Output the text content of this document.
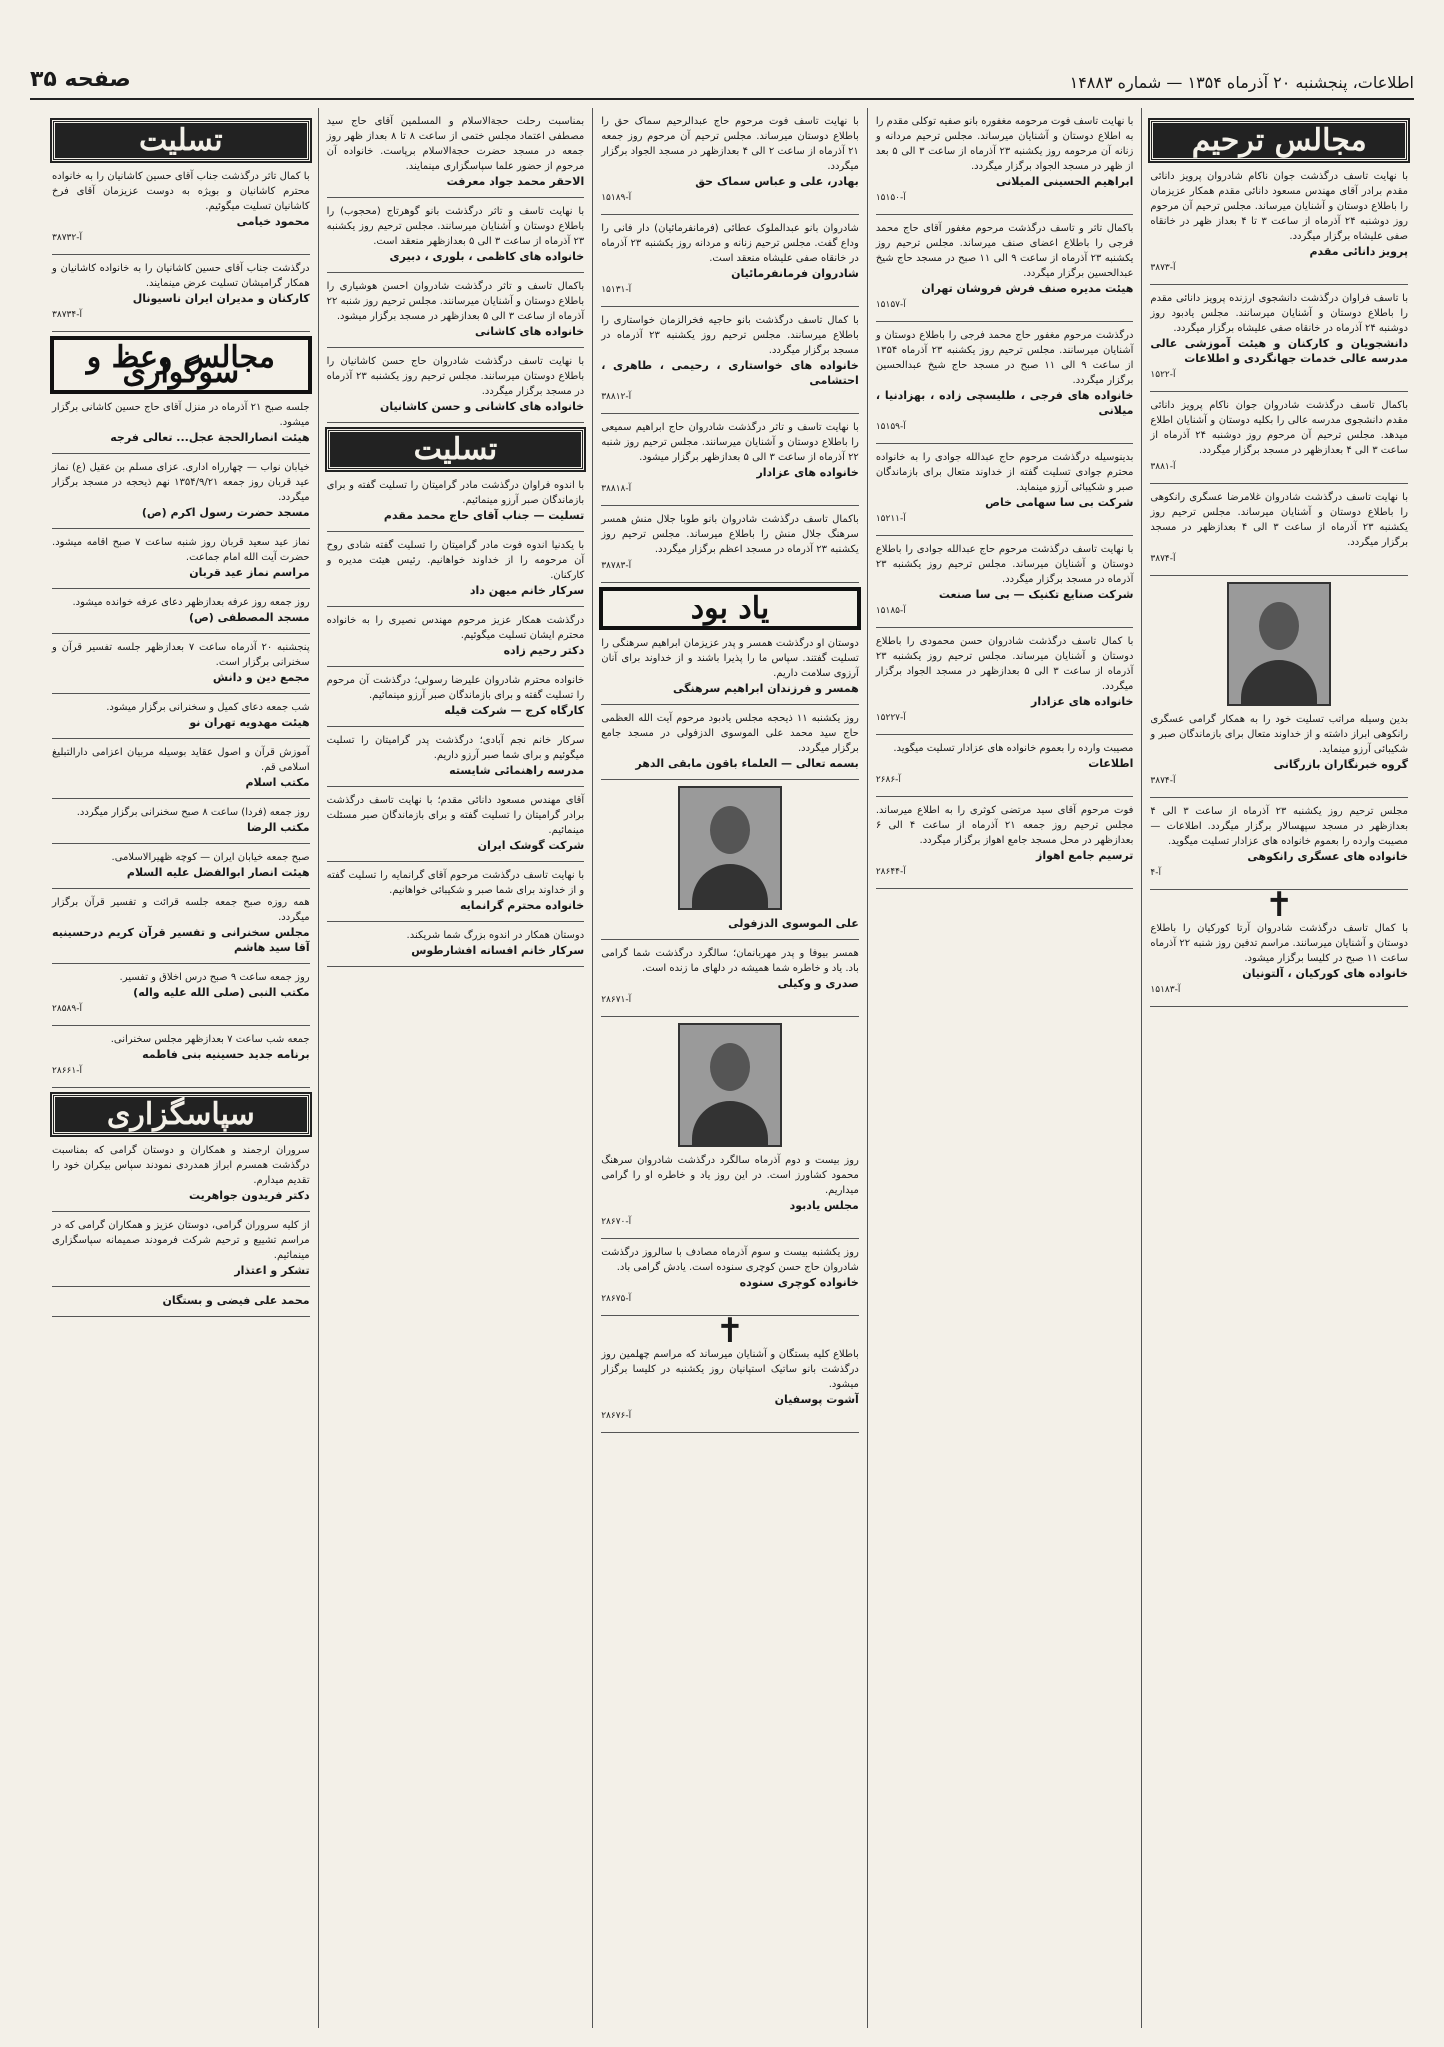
صفحه ۳۵	اطلاعات، پنجشنبه ۲۰ آذرماه ۱۳۵۴ — شماره ۱۴۸۸۳
مجالس ترحیم
با نهایت تاسف درگذشت جوان ناکام شادروان پرویز دانائی مقدم برادر آقای مهندس مسعود دانائی مقدم همکار عزیزمان را باطلاع دوستان و آشنایان میرساند. مجلس ترحیم آن مرحوم روز دوشنبه ۲۴ آذرماه از ساعت ۳ تا ۴ بعداز ظهر در خانقاه صفی علیشاه برگزار میگردد.
پرویز دانائی مقدم
آ-۳۸۷۳
با تاسف فراوان درگذشت دانشجوی ارزنده پرویز دانائی مقدم را باطلاع دوستان و آشنایان میرسانند. مجلس یادبود روز دوشنبه ۲۴ آذرماه در خانقاه صفی علیشاه برگزار میگردد.
دانشجویان و کارکنان و هیئت آموزشی عالی مدرسه عالی خدمات جهانگردی و اطلاعات
آ-۱۵۲۲
باکمال تاسف درگذشت شادروان جوان ناکام پرویز دانائی مقدم دانشجوی مدرسه عالی را بکلیه دوستان و آشنایان اطلاع میدهد. مجلس ترحیم آن مرحوم روز دوشنبه ۲۴ آذرماه از ساعت ۳ الی ۴ بعدازظهر در مسجد برگزار میگردد.
آ-۳۸۸۱
با نهایت تاسف درگذشت شادروان غلامرضا عسگری رانکوهی را باطلاع دوستان و آشنایان میرساند. مجلس ترحیم روز یکشنبه ۲۳ آذرماه از ساعت ۳ الی ۴ بعدازظهر در مسجد برگزار میگردد.
آ-۳۸۷۴
بدین وسیله مراتب تسلیت خود را به همکار گرامی عسگری رانکوهی ابراز داشته و از خداوند متعال برای بازماندگان صبر و شکیبائی آرزو مینماید.
گروه خبرنگاران بازرگانی
آ-۳۸۷۴
مجلس ترحیم روز یکشنبه ۲۳ آذرماه از ساعت ۳ الی ۴ بعدازظهر در مسجد سپهسالار برگزار میگردد. اطلاعات — مصیبت وارده را بعموم خانواده های عزادار تسلیت میگوید.
خانواده های عسگری رانکوهی
آ-۴
✝
با کمال تاسف درگذشت شادروان آرتا کورکیان را باطلاع دوستان و آشنایان میرسانند. مراسم تدفین روز شنبه ۲۲ آذرماه ساعت ۱۱ صبح در کلیسا برگزار میشود.
خانواده های کورکیان ، آلتونیان
آ-۱۵۱۸۳
با نهایت تاسف فوت مرحومه مغفوره بانو صفیه توکلی مقدم را به اطلاع دوستان و آشنایان میرساند. مجلس ترحیم مردانه و زنانه آن مرحومه روز یکشنبه ۲۳ آذرماه از ساعت ۳ الی ۵ بعد از ظهر در مسجد الجواد برگزار میگردد.
ابراهیم الحسینی المیلانی
آ-۱۵۱۵۰
باکمال تاثر و تاسف درگذشت مرحوم مغفور آقای حاج محمد فرجی را باطلاع اعضای صنف میرساند. مجلس ترحیم روز یکشنبه ۲۳ آذرماه از ساعت ۹ الی ۱۱ صبح در مسجد حاج شیخ عبدالحسین برگزار میگردد.
هیئت مدیره صنف فرش فروشان تهران
آ-۱۵۱۵۷
درگذشت مرحوم مغفور حاج محمد فرجی را باطلاع دوستان و آشنایان میرسانند. مجلس ترحیم روز یکشنبه ۲۳ آذرماه ۱۳۵۴ از ساعت ۹ الی ۱۱ صبح در مسجد حاج شیخ عبدالحسین برگزار میگردد.
خانواده های فرجی ، طلیسچی زاده ، بهزادنیا ، میلانی
آ-۱۵۱۵۹
بدینوسیله درگذشت مرحوم حاج عبدالله جوادی را به خانواده محترم جوادی تسلیت گفته از خداوند متعال برای بازماندگان صبر و شکیبائی آرزو مینماید.
شرکت بی سا سهامی خاص
آ-۱۵۲۱۱
با نهایت تاسف درگذشت مرحوم حاج عبدالله جوادی را باطلاع دوستان و آشنایان میرساند. مجلس ترحیم روز یکشنبه ۲۳ آذرماه در مسجد برگزار میگردد.
شرکت صنایع تکنیک — بی سا صنعت
آ-۱۵۱۸۵
با کمال تاسف درگذشت شادروان حسن محمودی را باطلاع دوستان و آشنایان میرساند. مجلس ترحیم روز یکشنبه ۲۳ آذرماه از ساعت ۳ الی ۵ بعدازظهر در مسجد الجواد برگزار میگردد.
خانواده های عزادار
آ-۱۵۲۲۷
مصیبت وارده را بعموم خانواده های عزادار تسلیت میگوید.
اطلاعات
آ-۲۶۸۶
فوت مرحوم آقای سید مرتضی کوثری را به اطلاع میرساند. مجلس ترحیم روز جمعه ۲۱ آذرماه از ساعت ۴ الی ۶ بعدازظهر در محل مسجد جامع اهواز برگزار میگردد.
ترسیم جامع اهواز
آ-۲۸۶۴۴
با نهایت تاسف فوت مرحوم حاج عبدالرحیم سماک حق را باطلاع دوستان میرساند. مجلس ترحیم آن مرحوم روز جمعه ۲۱ آذرماه از ساعت ۲ الی ۴ بعدازظهر در مسجد الجواد برگزار میگردد.
بهادر، علی و عباس سماک حق
آ-۱۵۱۸۹
شادروان بانو عبدالملوک عطائی (فرمانفرمائیان) دار فانی را وداع گفت. مجلس ترحیم زنانه و مردانه روز یکشنبه ۲۳ آذرماه در خانقاه صفی علیشاه منعقد است.
شادروان فرمانفرمائیان
آ-۱۵۱۳۱
با کمال تاسف درگذشت بانو حاجیه فخرالزمان خواستاری را باطلاع میرسانند. مجلس ترحیم روز یکشنبه ۲۳ آذرماه در مسجد برگزار میگردد.
خانواده های خواستاری ، رحیمی ، طاهری ، احتشامی
آ-۳۸۸۱۲
با نهایت تاسف و تاثر درگذشت شادروان حاج ابراهیم سمیعی را باطلاع دوستان و آشنایان میرسانند. مجلس ترحیم روز شنبه ۲۲ آذرماه از ساعت ۳ الی ۵ بعدازظهر برگزار میشود.
خانواده های عزادار
آ-۳۸۸۱۸
باکمال تاسف درگذشت شادروان بانو طوبا جلال منش همسر سرهنگ جلال منش را باطلاع میرساند. مجلس ترحیم روز یکشنبه ۲۳ آذرماه در مسجد اعظم برگزار میگردد.
آ-۳۸۷۸۳
یاد بود
دوستان او درگذشت همسر و پدر عزیزمان ابراهیم سرهنگی را تسلیت گفتند. سپاس ما را پذیرا باشند و از خداوند برای آنان آرزوی سلامت داریم.
همسر و فرزندان ابراهیم سرهنگی
روز یکشنبه ۱۱ ذیحجه مجلس یادبود مرحوم آیت الله العظمی حاج سید محمد علی الموسوی الدزفولی در مسجد جامع برگزار میگردد.
بسمه تعالی — العلماء باقون مابقی الدهر
علی الموسوی الدزفولی
همسر بیوفا و پدر مهربانمان؛ سالگرد درگذشت شما گرامی باد. یاد و خاطره شما همیشه در دلهای ما زنده است.
صدری و وکیلی
آ-۲۸۶۷۱
روز بیست و دوم آذرماه سالگرد درگذشت شادروان سرهنگ محمود کشاورز است. در این روز یاد و خاطره او را گرامی میداریم.
مجلس یادبود
آ-۲۸۶۷۰
روز یکشنبه بیست و سوم آذرماه مصادف با سالروز درگذشت شادروان حاج حسن کوچری سنوده است. یادش گرامی باد.
خانواده کوچری سنوده
آ-۲۸۶۷۵
✝
باطلاع کلیه بستگان و آشنایان میرساند که مراسم چهلمین روز درگذشت بانو ساتیک استپانیان روز یکشنبه در کلیسا برگزار میشود.
آشوت پوسفیان
آ-۲۸۶۷۶
بمناسبت رحلت حجةالاسلام و المسلمین آقای حاج سید مصطفی اعتماد مجلس ختمی از ساعت ۸ تا ۸ بعداز ظهر روز جمعه در مسجد حضرت حجةالاسلام برپاست. خانواده آن مرحوم از حضور علما سپاسگزاری مینمایند.
الاحقر محمد جواد معرفت
با نهایت تاسف و تاثر درگذشت بانو گوهرتاج (محجوب) را باطلاع دوستان و آشنایان میرسانند. مجلس ترحیم روز یکشنبه ۲۳ آذرماه از ساعت ۳ الی ۵ بعدازظهر منعقد است.
خانواده های کاظمی ، بلوری ، دبیری
باکمال تاسف و تاثر درگذشت شادروان احسن هوشیاری را باطلاع دوستان و آشنایان میرسانند. مجلس ترحیم روز شنبه ۲۲ آذرماه از ساعت ۳ الی ۵ بعدازظهر در مسجد برگزار میشود.
خانواده های کاشانی
با نهایت تاسف درگذشت شادروان حاج حسن کاشانیان را باطلاع دوستان میرسانند. مجلس ترحیم روز یکشنبه ۲۳ آذرماه در مسجد برگزار میگردد.
خانواده های کاشانی و حسن کاشانیان
تسلیت
با اندوه فراوان درگذشت مادر گرامیتان را تسلیت گفته و برای بازماندگان صبر آرزو مینمائیم.
تسلیت — جناب آقای حاج محمد مقدم
با یکدنیا اندوه فوت مادر گرامیتان را تسلیت گفته شادی روح آن مرحومه را از خداوند خواهانیم. رئیس هیئت مدیره و کارکنان.
سرکار خانم میهن داد
درگذشت همکار عزیز مرحوم مهندس نصیری را به خانواده محترم ایشان تسلیت میگوئیم.
دکتر رحیم زاده
خانواده محترم شادروان علیرضا رسولی؛ درگذشت آن مرحوم را تسلیت گفته و برای بازماندگان صبر آرزو مینمائیم.
کارگاه کرج — شرکت قیله
سرکار خانم نجم آبادی؛ درگذشت پدر گرامیتان را تسلیت میگوئیم و برای شما صبر آرزو داریم.
مدرسه راهنمائی شایسته
آقای مهندس مسعود دانائی مقدم؛ با نهایت تاسف درگذشت برادر گرامیتان را تسلیت گفته و برای بازماندگان صبر مسئلت مینمائیم.
شرکت گوشک ایران
با نهایت تاسف درگذشت مرحوم آقای گرانمایه را تسلیت گفته و از خداوند برای شما صبر و شکیبائی خواهانیم.
خانواده محترم گرانمایه
دوستان همکار در اندوه بزرگ شما شریکند.
سرکار خانم افسانه افشارطوس
تسلیت
با کمال تاثر درگذشت جناب آقای حسین کاشانیان را به خانواده محترم کاشانیان و بویژه به دوست عزیزمان آقای فرخ کاشانیان تسلیت میگوئیم.
محمود خیامی
آ-۳۸۷۳۲
درگذشت جناب آقای حسین کاشانیان را به خانواده کاشانیان و همکار گرامیشان تسلیت عرض مینمایند.
کارکنان و مدیران ایران ناسیونال
آ-۳۸۷۳۴
مجالس وعظ و سوگواری
جلسه صبح ۲۱ آذرماه در منزل آقای حاج حسین کاشانی برگزار میشود.
هیئت انصارالحجة عجل... تعالی فرجه
خیابان نواب — چهارراه اداری. عزای مسلم بن عقیل (ع) نماز عید قربان روز جمعه ۱۳۵۴/۹/۲۱ نهم ذیحجه در مسجد برگزار میگردد.
مسجد حضرت رسول اکرم (ص)
نماز عید سعید قربان روز شنبه ساعت ۷ صبح اقامه میشود. حضرت آیت الله امام جماعت.
مراسم نماز عید قربان
روز جمعه روز عرفه بعدازظهر دعای عرفه خوانده میشود.
مسجد المصطفی (ص)
پنجشنبه ۲۰ آذرماه ساعت ۷ بعدازظهر جلسه تفسیر قرآن و سخنرانی برگزار است.
مجمع دین و دانش
شب جمعه دعای کمیل و سخنرانی برگزار میشود.
هیئت مهدویه تهران نو
آموزش قرآن و اصول عقاید بوسیله مربیان اعزامی دارالتبلیغ اسلامی قم.
مکتب اسلام
روز جمعه (فردا) ساعت ۸ صبح سخنرانی برگزار میگردد.
مکتب الرضا
صبح جمعه خیابان ایران — کوچه ظهیرالاسلامی.
هیئت انصار ابوالفضل علیه السلام
همه روزه صبح جمعه جلسه قرائت و تفسیر قرآن برگزار میگردد.
مجلس سخنرانی و تفسیر قرآن کریم درحسینیه آقا سید هاشم
روز جمعه ساعت ۹ صبح درس اخلاق و تفسیر.
مکتب النبی (صلی الله علیه واله)
آ-۲۸۵۸۹
جمعه شب ساعت ۷ بعدازظهر مجلس سخنرانی.
برنامه جدید حسینیه بنی فاطمه
آ-۲۸۶۶۱
سپاسگزاری
سروران ارجمند و همکاران و دوستان گرامی که بمناسبت درگذشت همسرم ابراز همدردی نمودند سپاس بیکران خود را تقدیم میدارم.
دکتر فریدون جواهریت
از کلیه سروران گرامی، دوستان عزیز و همکاران گرامی که در مراسم تشییع و ترحیم شرکت فرمودند صمیمانه سپاسگزاری مینمائیم.
تشکر و اعتذار
محمد علی فیضی و بستگان
